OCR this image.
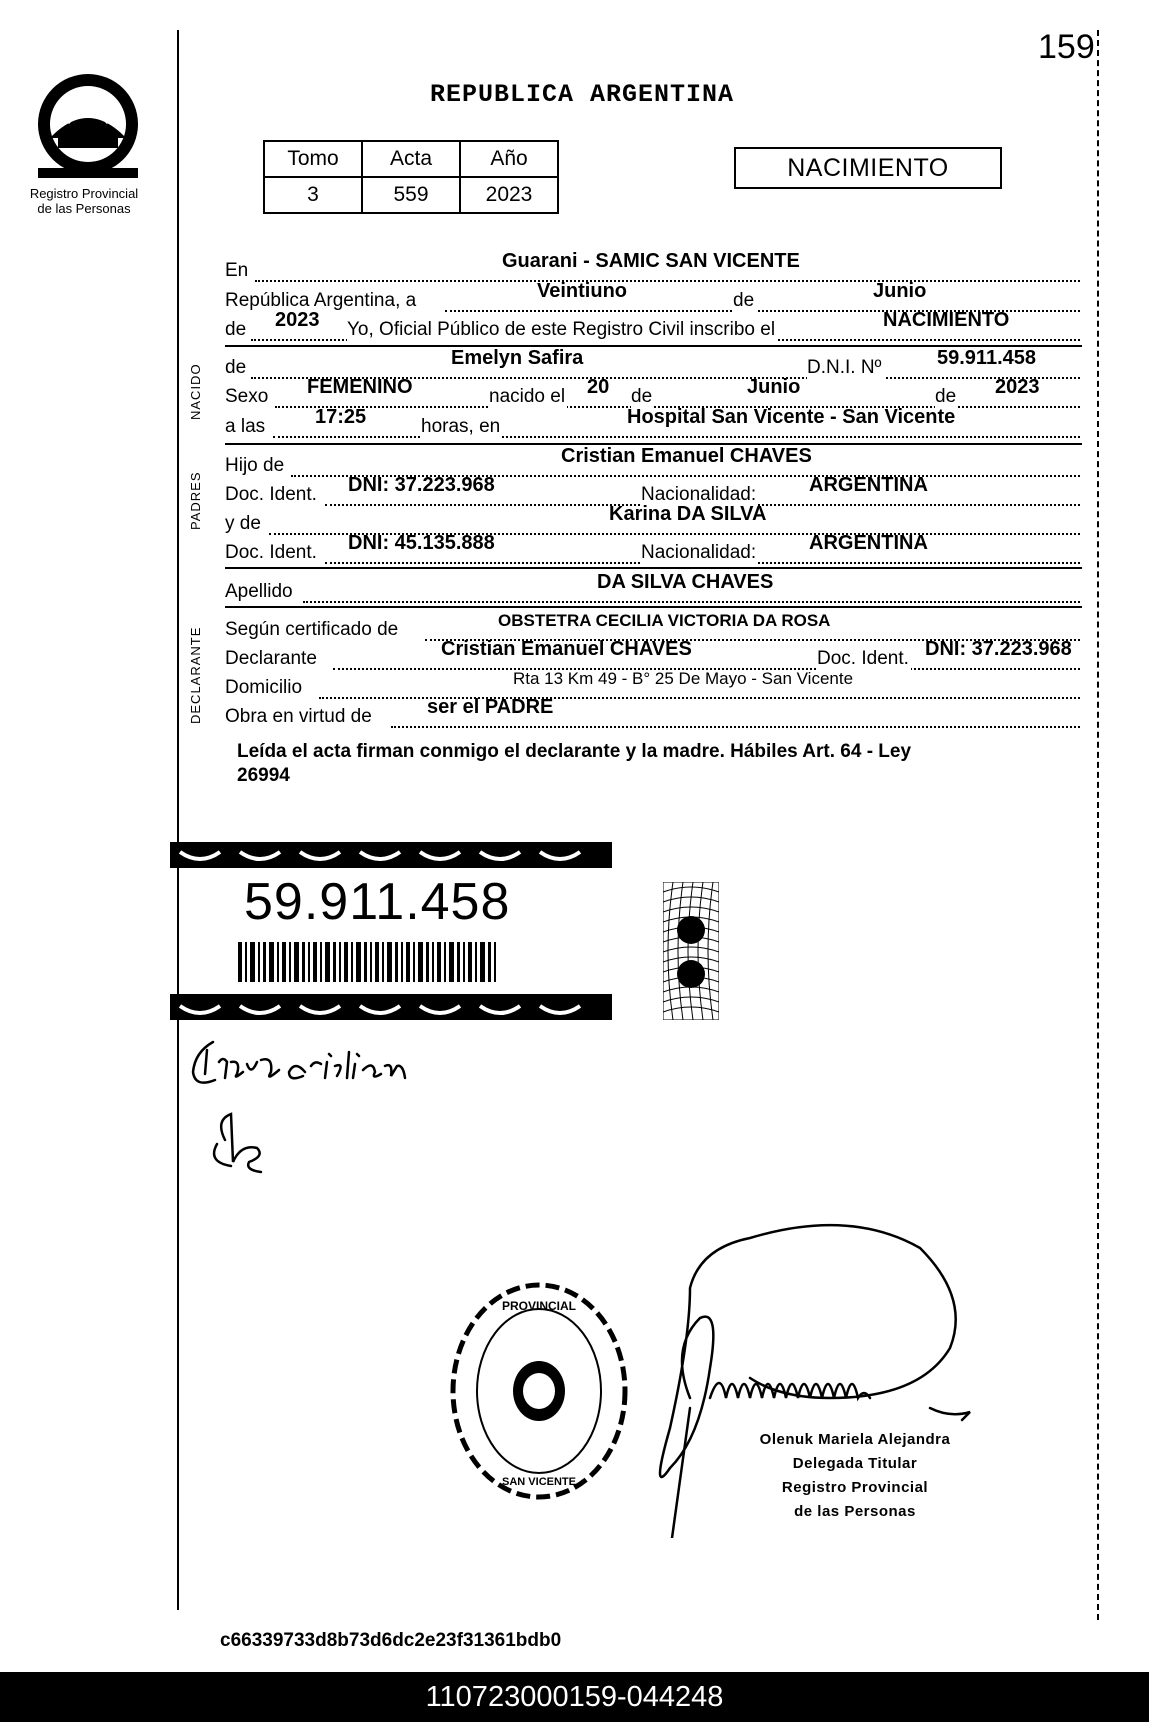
159
Registro Provincial
de las Personas
REPUBLICA ARGENTINA
Tomo	Acta	Año
3	559	2023
NACIMIENTO
En	Guarani - SAMIC SAN VICENTE
República Argentina, a	Veintiuno	de	Junio
de 2023 Yo, Oficial Público de este Registro Civil inscribo el	NACIMIENTO
NACIDO de	Emelyn Safira	D.N.I. Nº	59.911.458
Sexo FEMENINO	nacido el 20 de	Junio	de 2023
a las 17:25	horas, en	Hospital San Vicente - San Vicente
PADRES
Hijo de	Cristian Emanuel CHAVES
Doc. Ident. DNI: 37.223.968	Nacionalidad:	ARGENTINA
y de	Karina DA SILVA
Doc. Ident. DNI: 45.135.888	Nacionalidad:	ARGENTINA
Apellido	DA SILVA CHAVES
DECLARANTE Según certificado de	OBSTETRA CECILIA VICTORIA DA ROSA
Declarante	Cristian Emanuel CHAVES	Doc. Ident. DNI: 37.223.968
Domicilio	Rta 13 Km 49 - B° 25 De Mayo - San Vicente
Obra en virtud de	ser el PADRE
Leída el acta firman conmigo el declarante y la madre. Hábiles Art. 64 - Ley
26994
59.911.458
PROVINCIAL
SAN VICENTE
Olenuk Mariela Alejandra
Delegada Titular
Registro Provincial
de las Personas
c66339733d8b73d6dc2e23f31361bdb0
110723000159-044248
